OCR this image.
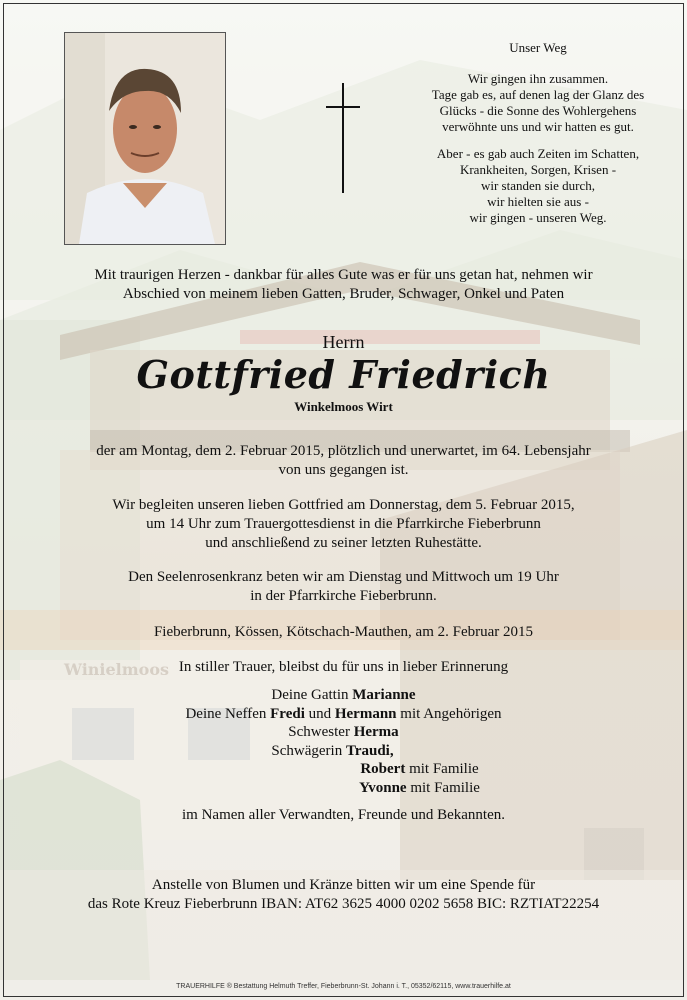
Winielmoos

Unser Weg

Wir gingen ihn zusammen.

Tage gab es, auf denen lag der Glanz des

Glücks - die Sonne des Wohlergehens

verwöhnte uns und wir hatten es gut.

Aber - es gab auch Zeiten im Schatten,

Krankheiten, Sorgen, Krisen -

wir standen sie durch,

wir hielten sie aus -

wir gingen - unseren Weg.

Mit traurigen Herzen - dankbar für alles Gute was er für uns getan hat, nehmen wir

Abschied von meinem lieben Gatten, Bruder, Schwager, Onkel und Paten

Herrn

Gottfried Friedrich

Winkelmoos Wirt

der am Montag, dem 2. Februar 2015, plötzlich und unerwartet, im 64. Lebensjahr

von uns gegangen ist.

Wir begleiten unseren lieben Gottfried am Donnerstag, dem 5. Februar 2015,

um 14 Uhr zum Trauergottesdienst in die Pfarrkirche Fieberbrunn

und anschließend zu seiner letzten Ruhestätte.

Den Seelenrosenkranz beten wir am Dienstag und Mittwoch um 19 Uhr

in der Pfarrkirche Fieberbrunn.

Fieberbrunn, Kössen, Kötschach-Mauthen, am 2. Februar 2015

In stiller Trauer, bleibst du für uns in lieber Erinnerung

Deine Gattin Marianne

Deine Neffen Fredi und Hermann mit Angehörigen

Schwester Herma

Schwägerin Traudi,

Robert mit Familie

Yvonne mit Familie

im Namen aller Verwandten, Freunde und Bekannten.

Anstelle von Blumen und Kränze bitten wir um eine Spende für

das Rote Kreuz Fieberbrunn IBAN: AT62 3625 4000 0202 5658 BIC: RZTIAT22254

TRAUERHILFE ® Bestattung Helmuth Treffer, Fieberbrunn-St. Johann i. T., 05352/62115, www.trauerhilfe.at
